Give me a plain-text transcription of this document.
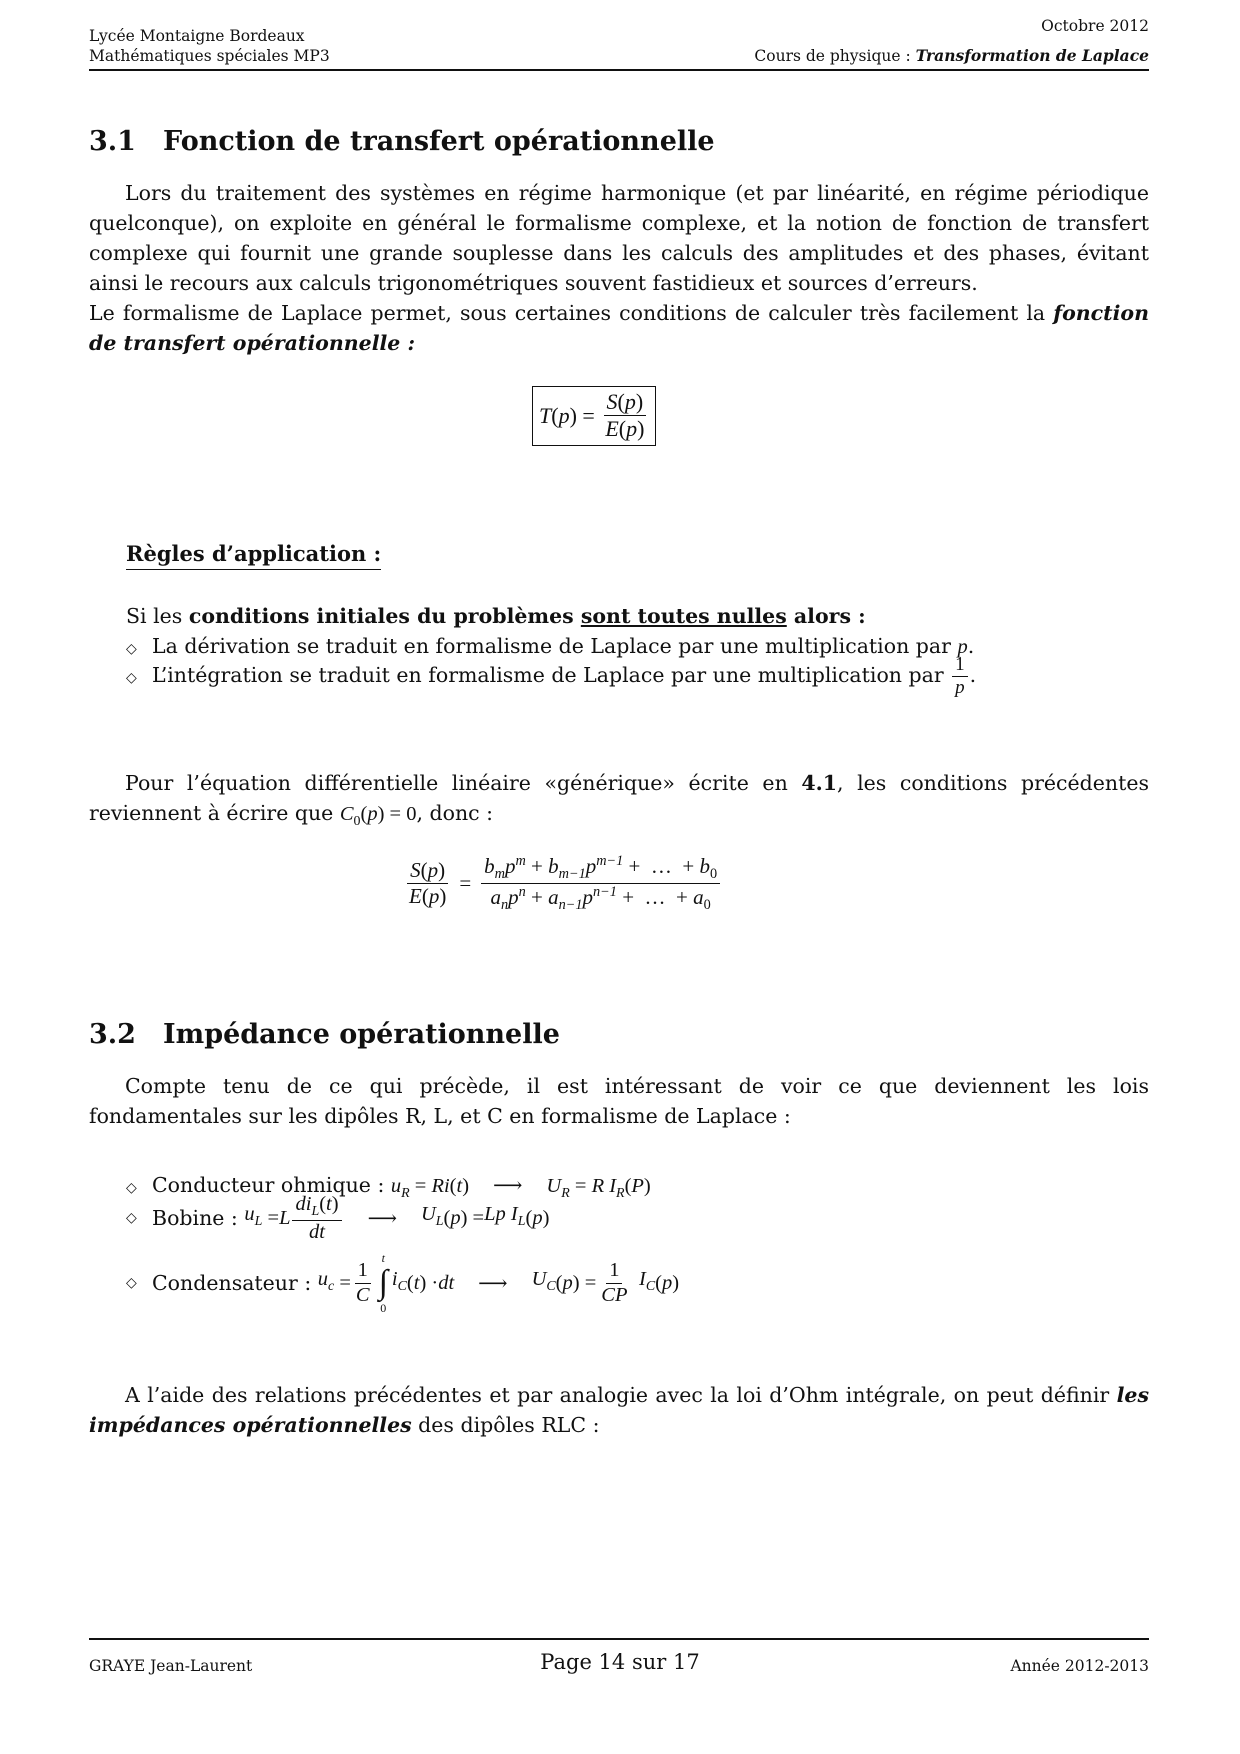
Lycée Montaigne Bordeaux
Mathématiques spéciales MP3
Octobre 2012
Cours de physique : Transformation de Laplace
3.1 Fonction de transfert opérationnelle
Lors du traitement des systèmes en régime harmonique (et par linéarité, en régime périodique quelconque), on exploite en général le formalisme complexe, et la notion de fonction de transfert complexe qui fournit une grande souplesse dans les calculs des amplitudes et des phases, évitant ainsi le recours aux calculs trigonométriques souvent fastidieux et sources d’erreurs.
Le formalisme de Laplace permet, sous certaines conditions de calculer très facilement la fonction de transfert opérationnelle :
T ( p ) = $\frac{S(p)}{E(p)}$
Règles d’application :
Si les conditions initiales du problèmes sont toutes nulles alors :
◇ La dérivation se traduit en formalisme de Laplace par une multiplication par p.
◇ L’intégration se traduit en formalisme de Laplace par une multiplication par $\frac{1}{p}$ .
Pour l’équation différentielle linéaire «générique» écrite en 4.1, les conditions précédentes reviennent à écrire que $C_0(p) = 0$, donc :
$\frac{S(p)}{E(p)} = \frac{b_mp^m + b_{m-1}p^{m-1} + \dots + b_0}{a_np^n + a_{n-1}p^{n-1} + \dots + a_0}$
3.2 Impédance opérationnelle
Compte tenu de ce qui précède, il est intéressant de voir ce que deviennent les lois fondamentales sur les dipôles R, L, et C en formalisme de Laplace :
◇ Conducteur ohmique : $u_R = Ri(t)$ ⟶ $U_R = R$ $I_R(P)$
◇ Bobine :
$u_L = L \frac{di_L(t)}{dt}$ ⟶ $U_L$ ( p ) = Lp $I_L$ ( p )
◇ Condensateur :
$u_c = \frac{1}{C}$
t
∫
0
$i_C$ ( t ) · dt ⟶ $U_C$ ( p ) = $\frac{1}{CP}$
$I_C$ ( p )
A l’aide des relations précédentes et par analogie avec la loi d’Ohm intégrale, on peut définir les impédances opérationnelles des dipôles RLC :
GRAYE Jean-Laurent	Page 14 sur 17	Année 2012-2013
